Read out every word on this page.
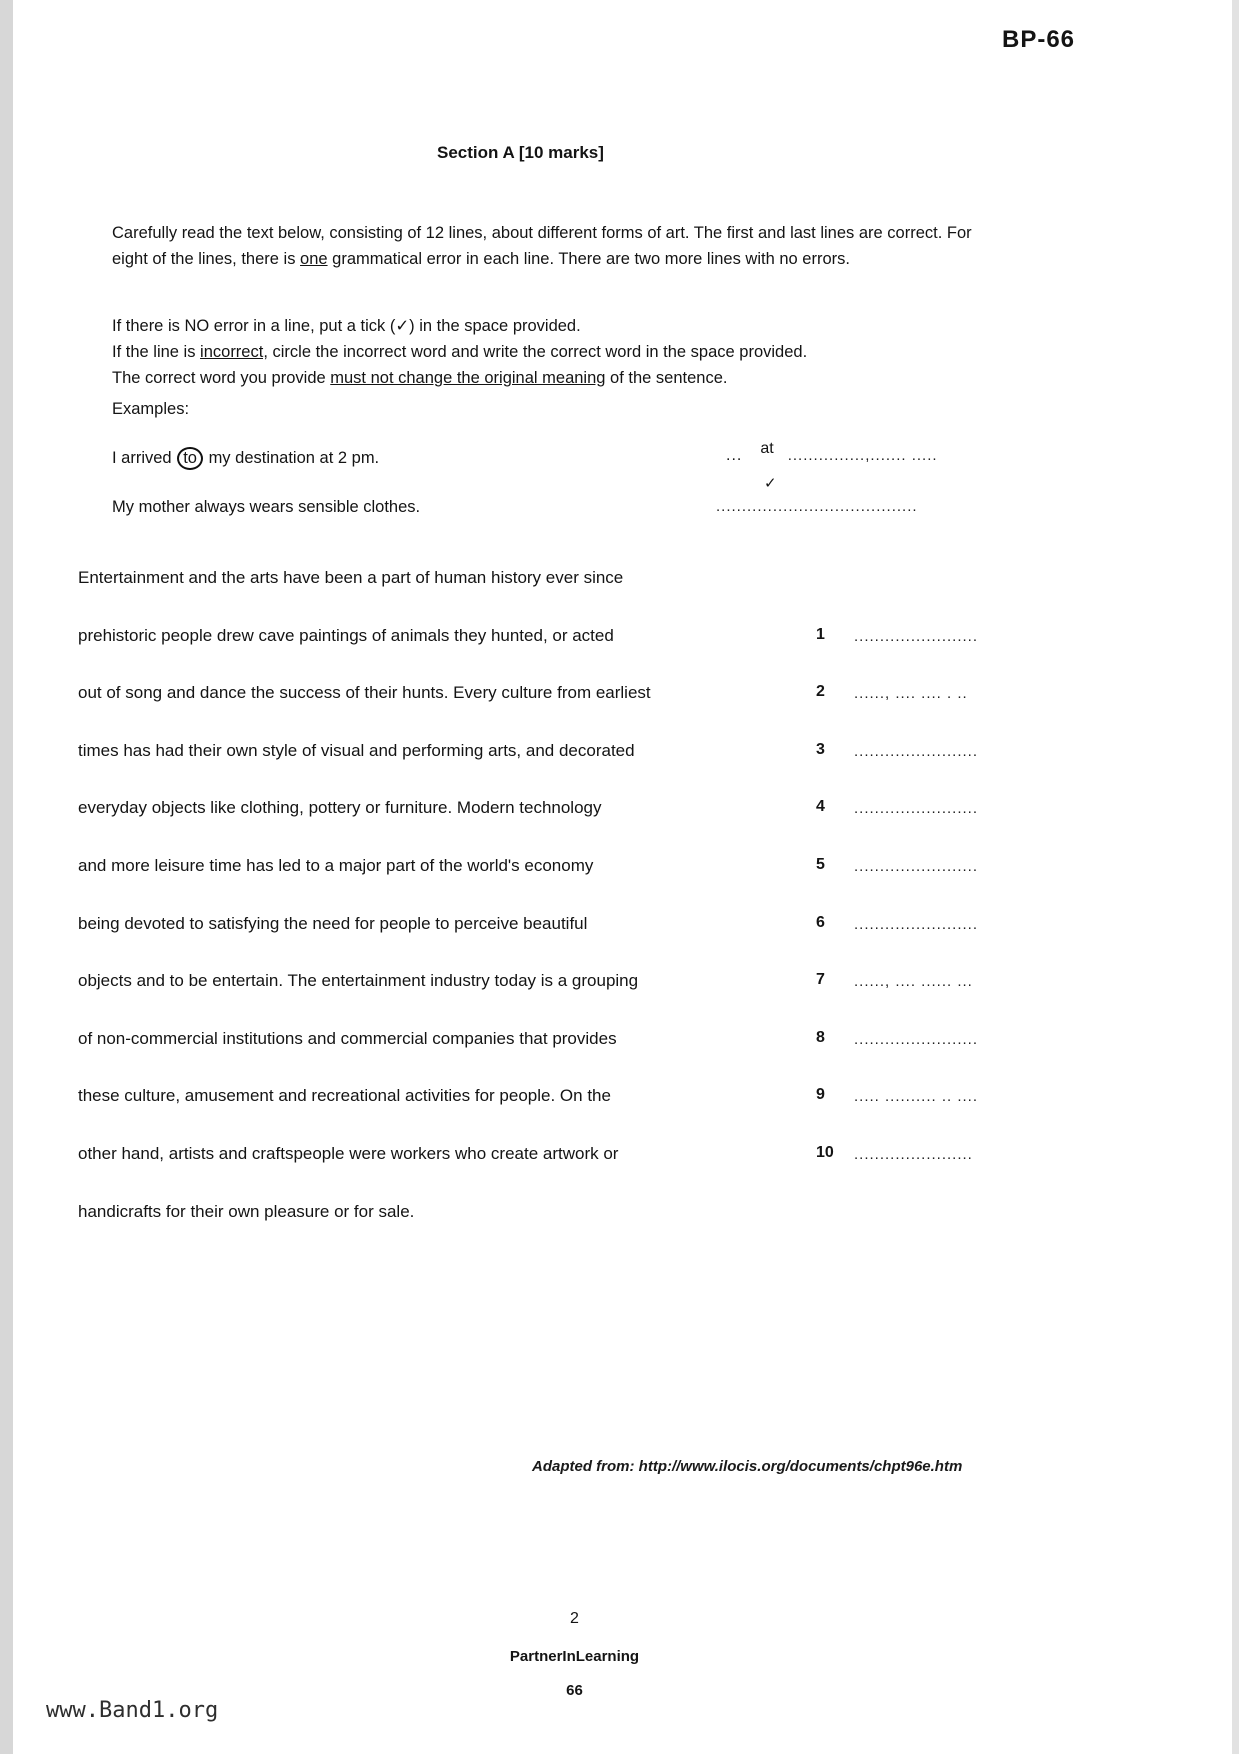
BP-66
Section A [10 marks]
Carefully read the text below, consisting of 12 lines, about different forms of art. The first and last lines are correct. For eight of the lines, there is one grammatical error in each line. There are two more lines with no errors.
If there is NO error in a line, put a tick (✓) in the space provided.
If the line is incorrect, circle the incorrect word and write the correct word in the space provided.
The correct word you provide must not change the original meaning of the sentence.
Examples:
I arrived to my destination at 2 pm.	... at ...............,....... .....
✓
My mother always wears sensible clothes.	.......................................
Entertainment and the arts have been a part of human history ever since
prehistoric people drew cave paintings of animals they hunted, or acted	1	........................
out of song and dance the success of their hunts. Every culture from earliest	2	......, .... .... . ..
times has had their own style of visual and performing arts, and decorated	3	........................
everyday objects like clothing, pottery or furniture. Modern technology	4	........................
and more leisure time has led to a major part of the world's economy	5	........................
being devoted to satisfying the need for people to perceive beautiful	6	........................
objects and to be entertain. The entertainment industry today is a grouping	7	......, .... ...... ...
of non-commercial institutions and commercial companies that provides	8	........................
these culture, amusement and recreational activities for people. On the	9	..... .......... .. ....
other hand, artists and craftspeople were workers who create artwork or	10	.......................
handicrafts for their own pleasure or for sale.
Adapted from: http://www.ilocis.org/documents/chpt96e.htm
2
PartnerInLearning
66
www.Band1.org
